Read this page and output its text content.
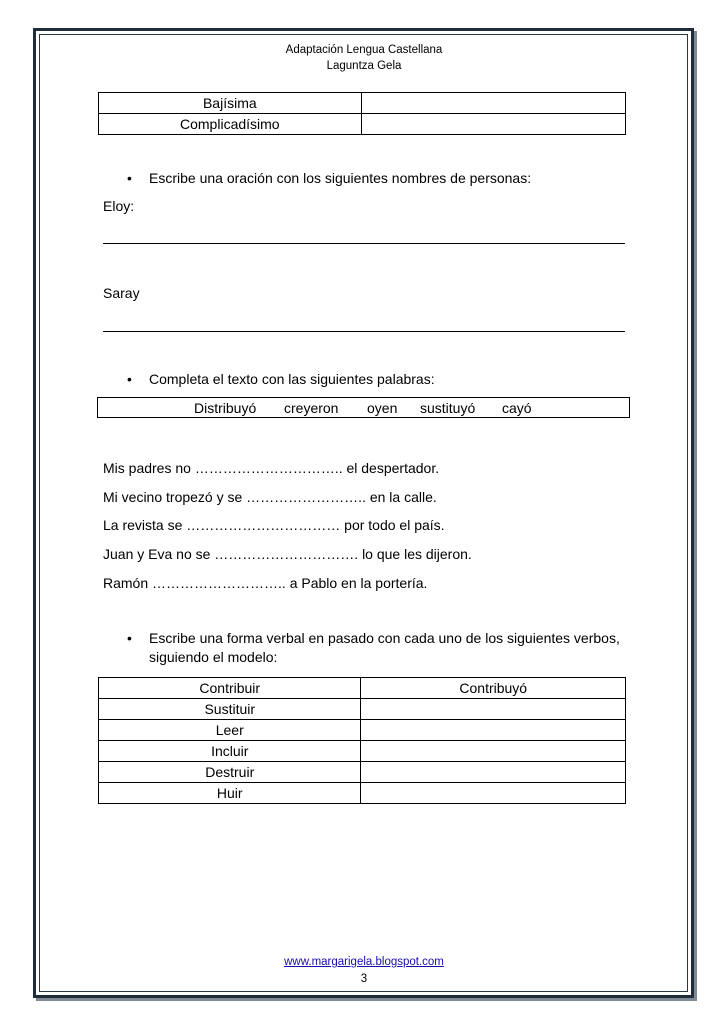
Adaptación Lengua Castellana
Laguntza Gela
Bajísima	
Complicadísimo	
• Escribe una oración con los siguientes nombres de personas:
Eloy:
Saray
• Completa el texto con las siguientes palabras:
Distribuyó creyeron oyen sustituyó cayó
Mis padres no ………………………….. el despertador.
Mi vecino tropezó y se …………………….. en la calle.
La revista se …………………………… por todo el país.
Juan y Eva no se …………………………. lo que les dijeron.
Ramón ……………………….. a Pablo en la portería.
• Escribe una forma verbal en pasado con cada uno de los siguientes verbos, siguiendo el modelo:
Contribuir	Contribuyó
Sustituir	
Leer	
Incluir	
Destruir	
Huir	
www.margarigela.blogspot.com
3
